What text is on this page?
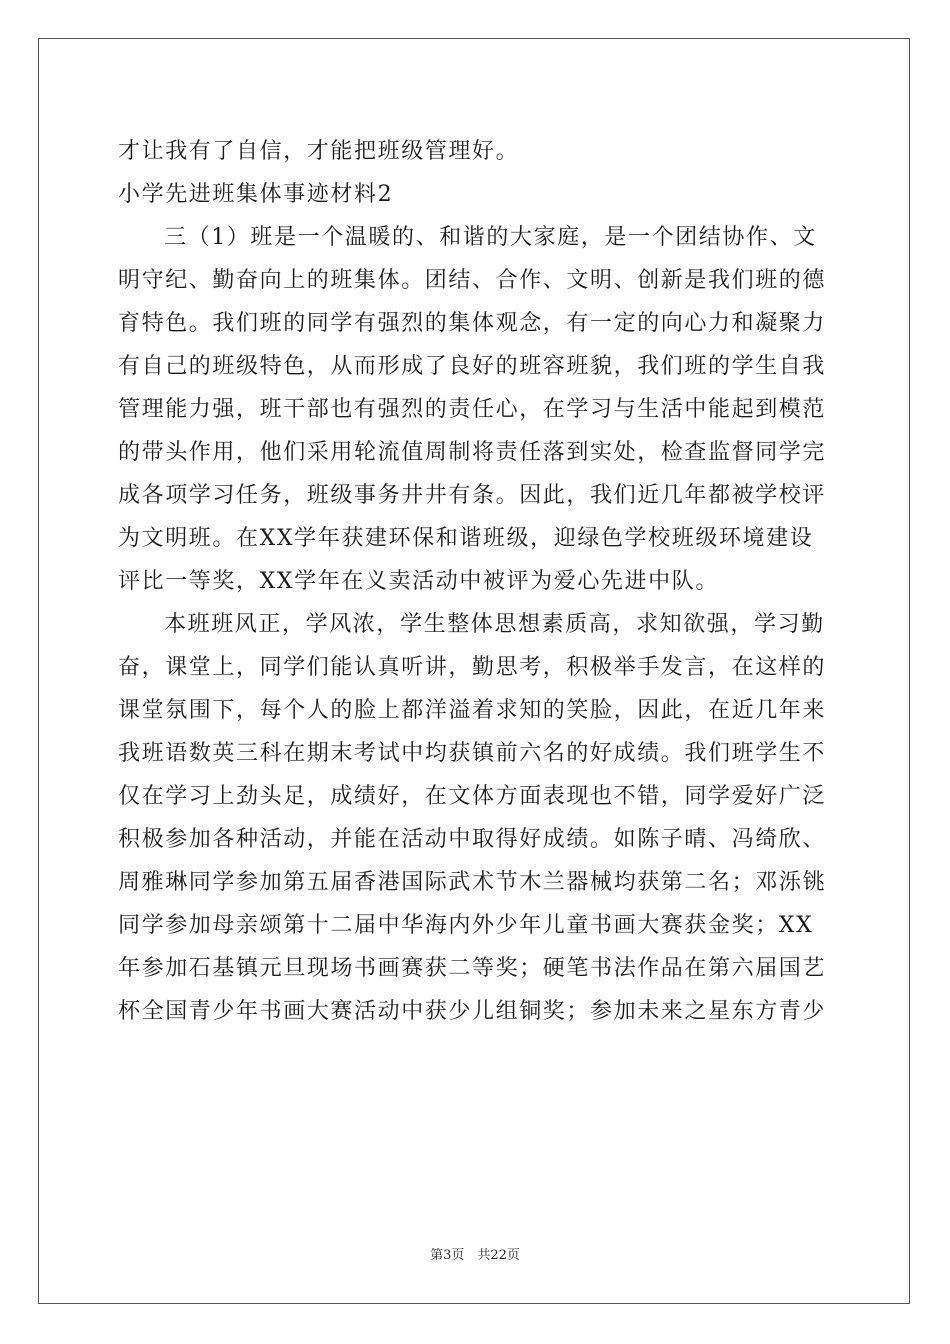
才让我有了自信，才能把班级管理好。
小学先进班集体事迹材料2
三（1）班是一个温暖的、和谐的大家庭，是一个团结协作、文
明守纪、勤奋向上的班集体。团结、合作、文明、创新是我们班的德
育特色。我们班的同学有强烈的集体观念，有一定的向心力和凝聚力
有自己的班级特色，从而形成了良好的班容班貌，我们班的学生自我
管理能力强，班干部也有强烈的责任心，在学习与生活中能起到模范
的带头作用，他们采用轮流值周制将责任落到实处，检查监督同学完
成各项学习任务，班级事务井井有条。因此，我们近几年都被学校评
为文明班。在XX学年获建环保和谐班级，迎绿色学校班级环境建设
评比一等奖，XX学年在义卖活动中被评为爱心先进中队。
本班班风正，学风浓，学生整体思想素质高，求知欲强，学习勤
奋，课堂上，同学们能认真听讲，勤思考，积极举手发言，在这样的
课堂氛围下，每个人的脸上都洋溢着求知的笑脸，因此，在近几年来
我班语数英三科在期末考试中均获镇前六名的好成绩。我们班学生不
仅在学习上劲头足，成绩好，在文体方面表现也不错，同学爱好广泛
积极参加各种活动，并能在活动中取得好成绩。如陈子晴、冯绮欣、
周雅琳同学参加第五届香港国际武术节木兰器械均获第二名；邓泺铫
同学参加母亲颂第十二届中华海内外少年儿童书画大赛获金奖；XX
年参加石基镇元旦现场书画赛获二等奖；硬笔书法作品在第六届国艺
杯全国青少年书画大赛活动中获少儿组铜奖；参加未来之星东方青少
第3页　共22页
